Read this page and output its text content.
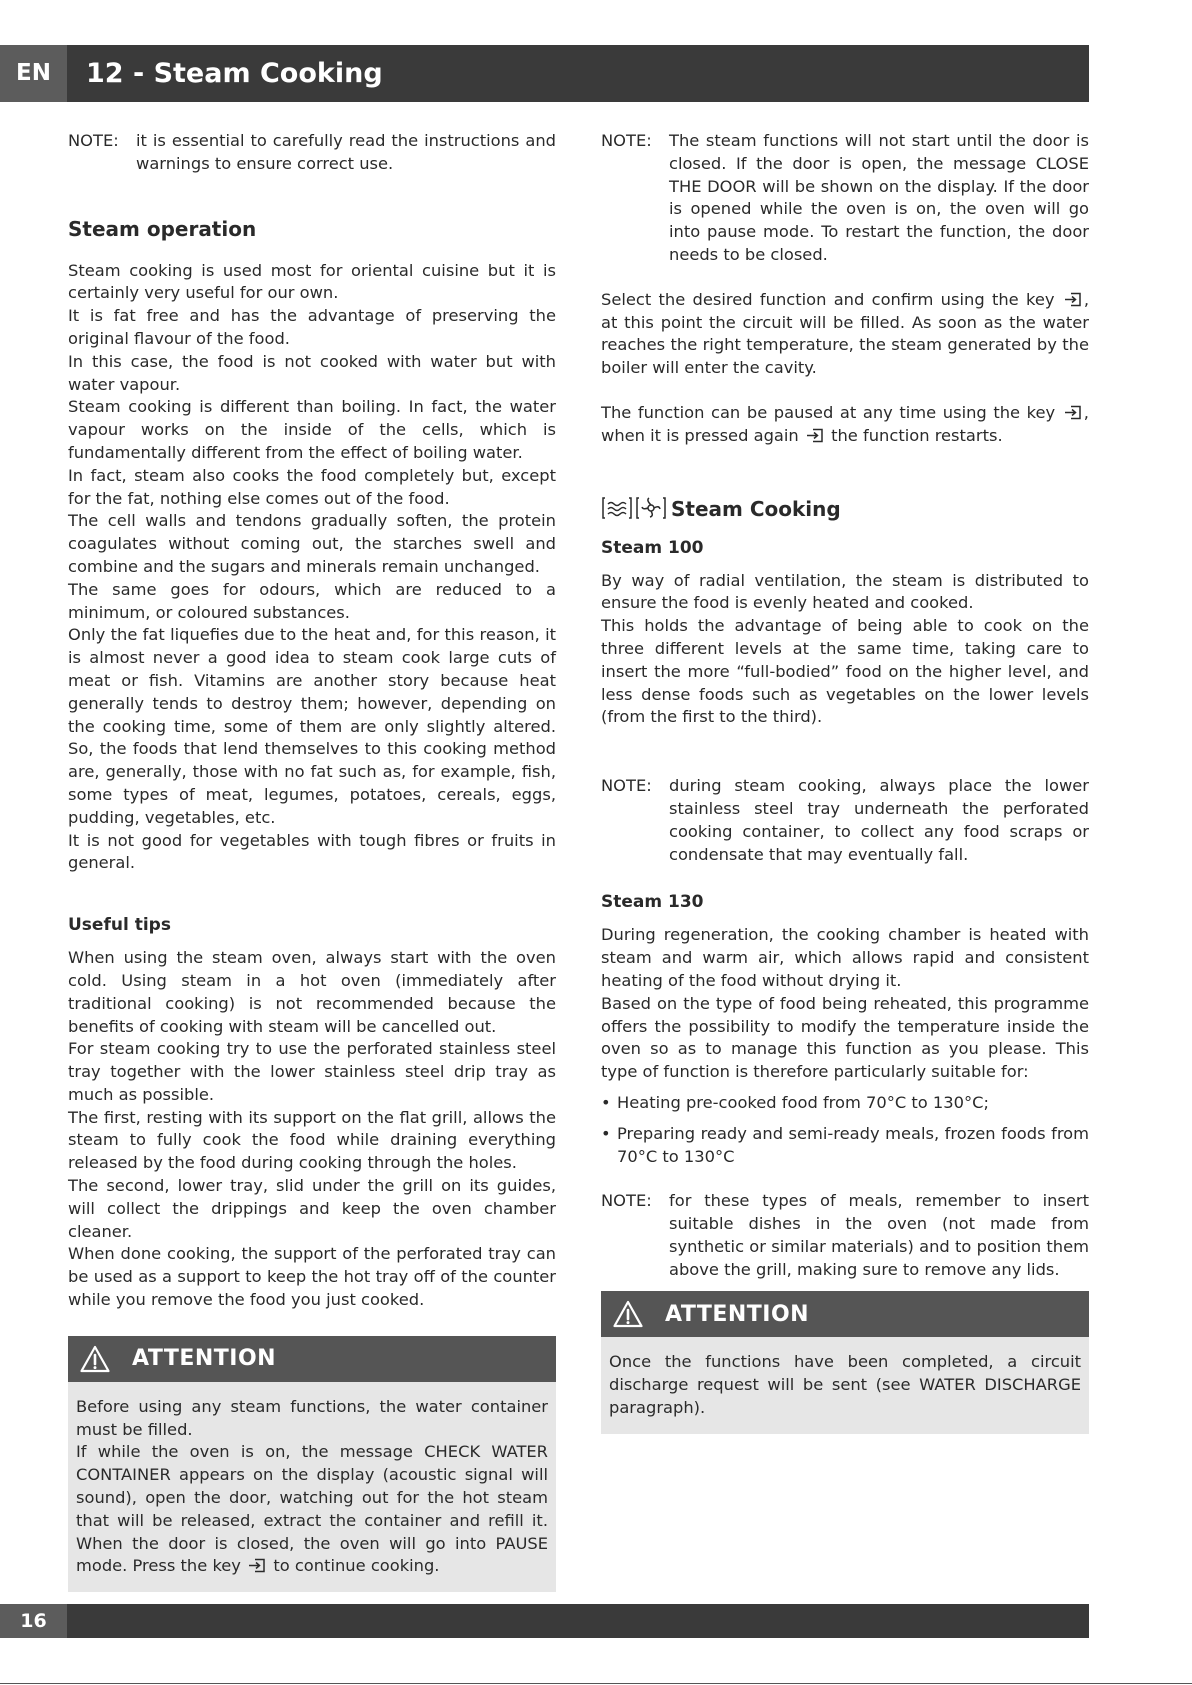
EN	12 - Steam Cooking
NOTE:	it is essential to carefully read the instructions and warnings to ensure correct use.
Steam operation

Steam cooking is used most for oriental cuisine but it is certainly very useful for our own.

It is fat free and has the advantage of preserving the original flavour of the food.

In this case, the food is not cooked with water but with water vapour.

Steam cooking is different than boiling. In fact, the water vapour works on the inside of the cells, which is fundamentally different from the effect of boiling water.

In fact, steam also cooks the food completely but, except for the fat, nothing else comes out of the food.

The cell walls and tendons gradually soften, the protein coagulates without coming out, the starches swell and combine and the sugars and minerals remain unchanged.

The same goes for odours, which are reduced to a minimum, or coloured substances.

Only the fat liquefies due to the heat and, for this reason, it is almost never a good idea to steam cook large cuts of meat or fish. Vitamins are another story because heat generally tends to destroy them; however, depending on the cooking time, some of them are only slightly altered. So, the foods that lend themselves to this cooking method are, generally, those with no fat such as, for example, fish, some types of meat, legumes, potatoes, cereals, eggs, pudding, vegetables, etc.

It is not good for vegetables with tough fibres or fruits in general.

Useful tips

When using the steam oven, always start with the oven cold. Using steam in a hot oven (immediately after traditional cooking) is not recommended because the benefits of cooking with steam will be cancelled out.

For steam cooking try to use the perforated stainless steel tray together with the lower stainless steel drip tray as much as possible.

The first, resting with its support on the flat grill, allows the steam to fully cook the food while draining everything released by the food during cooking through the holes.

The second, lower tray, slid under the grill on its guides, will collect the drippings and keep the oven chamber cleaner.

When done cooking, the support of the perforated tray can be used as a support to keep the hot tray off of the counter while you remove the food you just cooked.

ATTENTION

Before using any steam functions, the water container must be filled.

If while the oven is on, the message CHECK WATER CONTAINER appears on the display (acoustic signal will sound), open the door, watching out for the hot steam that will be released, extract the container and refill it. When the door is closed, the oven will go into PAUSE mode. Press the key to continue cooking.

NOTE:	The steam functions will not start until the door is closed. If the door is open, the message CLOSE THE DOOR will be shown on the display. If the door is opened while the oven is on, the oven will go into pause mode. To restart the function, the door needs to be closed.

Select the desired function and confirm using the key , at this point the circuit will be filled. As soon as the water reaches the right temperature, the steam generated by the boiler will enter the cavity.

The function can be paused at any time using the key , when it is pressed again the function restarts.

Steam Cooking
Steam 100

By way of radial ventilation, the steam is distributed to ensure the food is evenly heated and cooked.

This holds the advantage of being able to cook on the three different levels at the same time, taking care to insert the more “full-bodied” food on the higher level, and less dense foods such as vegetables on the lower levels (from the first to the third).

NOTE:	during steam cooking, always place the lower stainless steel tray underneath the perforated cooking container, to collect any food scraps or condensate that may eventually fall.
Steam 130

During regeneration, the cooking chamber is heated with steam and warm air, which allows rapid and consistent heating of the food without drying it.

Based on the type of food being reheated, this programme offers the possibility to modify the temperature inside the oven so as to manage this function as you please. This type of function is therefore particularly suitable for:

• Heating pre-cooked food from 70°C to 130°C;
• Preparing ready and semi-ready meals, frozen foods from 70°C to 130°C
NOTE:	for these types of meals, remember to insert suitable dishes in the oven (not made from synthetic or similar materials) and to position them above the grill, making sure to remove any lids.
ATTENTION

Once the functions have been completed, a circuit discharge request will be sent (see WATER DISCHARGE paragraph).

16
